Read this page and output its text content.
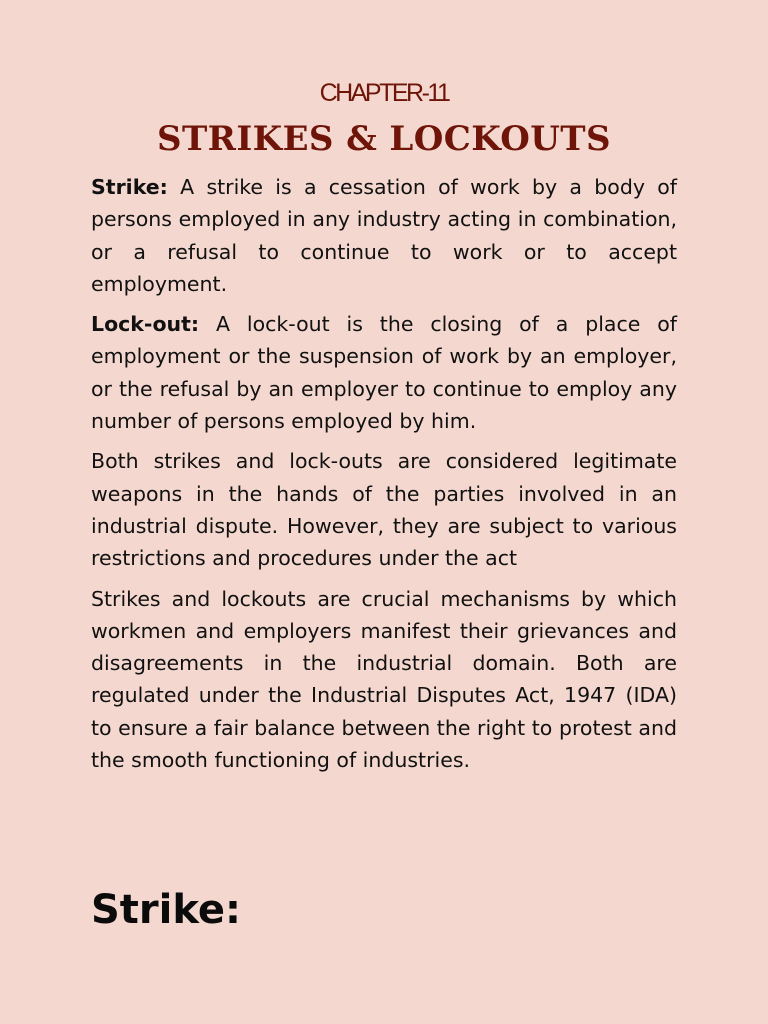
CHAPTER-11
STRIKES & LOCKOUTS

Strike: A strike is a cessation of work by a body of persons employed in any industry acting in combination, or a refusal to continue to work or to accept employment.

Lock-out: A lock-out is the closing of a place of employment or the suspension of work by an employer, or the refusal by an employer to continue to employ any number of persons employed by him.

Both strikes and lock-outs are considered legitimate weapons in the hands of the parties involved in an industrial dispute. However, they are subject to various restrictions and procedures under the act

Strikes and lockouts are crucial mechanisms by which workmen and employers manifest their grievances and disagreements in the industrial domain. Both are regulated under the Industrial Disputes Act, 1947 (IDA) to ensure a fair balance between the right to protest and the smooth functioning of industries.

Strike:
